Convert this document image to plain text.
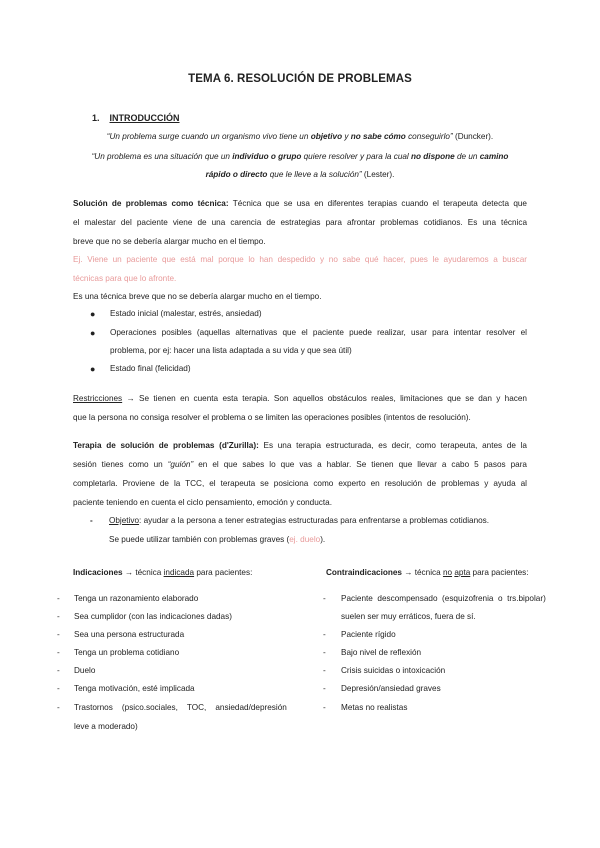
TEMA 6. RESOLUCIÓN DE PROBLEMAS
1. INTRODUCCIÓN
“Un problema surge cuando un organismo vivo tiene un objetivo y no sabe cómo conseguirlo” (Duncker).
“Un problema es una situación que un individuo o grupo quiere resolver y para la cual no dispone de un camino
rápido o directo que le lleve a la solución” (Lester).
Solución de problemas como técnica: Técnica que se usa en diferentes terapias cuando el terapeuta detecta que
el malestar del paciente viene de una carencia de estrategias para afrontar problemas cotidianos. Es una técnica
breve que no se debería alargar mucho en el tiempo.
Ej. Viene un paciente que está mal porque lo han despedido y no sabe qué hacer, pues le ayudaremos a buscar
técnicas para que lo afronte.
Es una técnica breve que no se debería alargar mucho en el tiempo.
● Estado inicial (malestar, estrés, ansiedad)
● Operaciones posibles (aquellas alternativas que el paciente puede realizar, usar para intentar resolver el
problema, por ej: hacer una lista adaptada a su vida y que sea útil)
● Estado final (felicidad)
Restricciones → Se tienen en cuenta esta terapia. Son aquellos obstáculos reales, limitaciones que se dan y hacen
que la persona no consiga resolver el problema o se limiten las operaciones posibles (intentos de resolución).
Terapia de solución de problemas (d'Zurilla): Es una terapia estructurada, es decir, como terapeuta, antes de la
sesión tienes como un “guión” en el que sabes lo que vas a hablar. Se tienen que llevar a cabo 5 pasos para
completarla. Proviene de la TCC, el terapeuta se posiciona como experto en resolución de problemas y ayuda al
paciente teniendo en cuenta el ciclo pensamiento, emoción y conducta.
- Objetivo: ayudar a la persona a tener estrategias estructuradas para enfrentarse a problemas cotidianos.
Se puede utilizar también con problemas graves (ej. duelo).
Indicaciones → técnica indicada para pacientes:
- Tenga un razonamiento elaborado
- Sea cumplidor (con las indicaciones dadas)
- Sea una persona estructurada
- Tenga un problema cotidiano
- Duelo
- Tenga motivación, esté implicada
- Trastornos    (psico.sociales,    TOC,    ansiedad/depresión
leve a moderado)
Contraindicaciones → técnica no apta para pacientes:
- Paciente  descompensado  (esquizofrenia  o  trs.bipolar)
suelen ser muy erráticos, fuera de sí.
- Paciente rígido
- Bajo nivel de reflexión
- Crisis suicidas o intoxicación
- Depresión/ansiedad graves
- Metas no realistas
